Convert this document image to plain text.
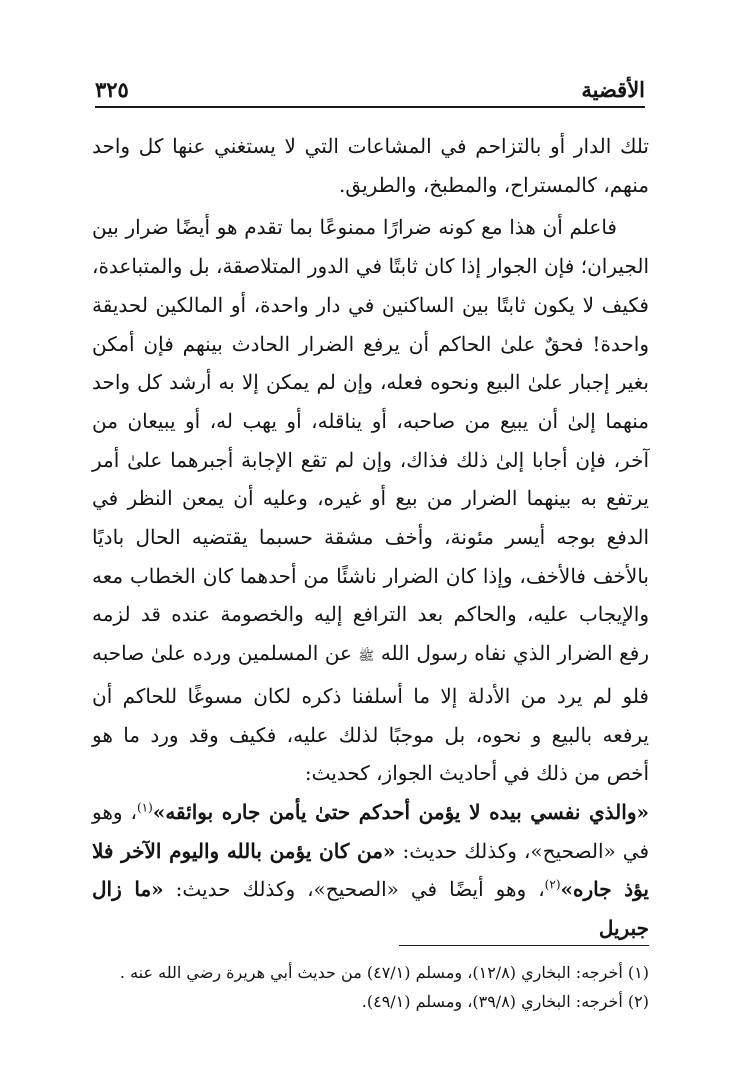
الأقضية
٣٢٥

تلك الدار أو بالتزاحم في المشاعات التي لا يستغني عنها كل واحد منهم، كالمستراح، والمطبخ، والطريق.

فاعلم أن هذا مع كونه ضرارًا ممنوعًا بما تقدم هو أيضًا ضرار بين الجيران؛ فإن الجوار إذا كان ثابتًا في الدور المتلاصقة، بل والمتباعدة، فكيف لا يكون ثابتًا بين الساكنين في دار واحدة، أو المالكين لحديقة واحدة! فحقٌ علىٰ الحاكم أن يرفع الضرار الحادث بينهم فإن أمكن بغير إجبار علىٰ البيع ونحوه فعله، وإن لم يمكن إلا به أرشد كل واحد منهما إلىٰ أن يبيع من صاحبه، أو يناقله، أو يهب له، أو يبيعان من آخر، فإن أجابا إلىٰ ذلك فذاك، وإن لم تقع الإجابة أجبرهما علىٰ أمر يرتفع به بينهما الضرار من بيع أو غيره، وعليه أن يمعن النظر في الدفع بوجه أيسر مئونة، وأخف مشقة حسبما يقتضيه الحال باديًا بالأخف فالأخف، وإذا كان الضرار ناشئًا من أحدهما كان الخطاب معه والإيجاب عليه، والحاكم بعد الترافع إليه والخصومة عنده قد لزمه رفع الضرار الذي نفاه رسول الله ﷺ عن المسلمين ورده علىٰ صاحبه فلو لم يرد من الأدلة إلا ما أسلفنا ذكره لكان مسوغًا للحاكم أن يرفعه بالبيع و نحوه، بل موجبًا لذلك عليه، فكيف وقد ورد ما هو أخص من ذلك في أحاديث الجواز، كحديث:
«والذي نفسي بيده لا يؤمن أحدكم حتىٰ يأمن جاره بوائقه»$^{(١)}$، وهو في «الصحيح»، وكذلك حديث: «من كان يؤمن بالله واليوم الآخر فلا يؤذ جاره»$^{(٢)}$، وهو أيضًا في «الصحيح»، وكذلك حديث: «ما زال جبريل

(١) أخرجه: البخاري (١٢/٨)، ومسلم (٤٧/١) من حديث أبي هريرة رضي الله عنه .

(٢) أخرجه: البخاري (٣٩/٨)، ومسلم (٤٩/١).
